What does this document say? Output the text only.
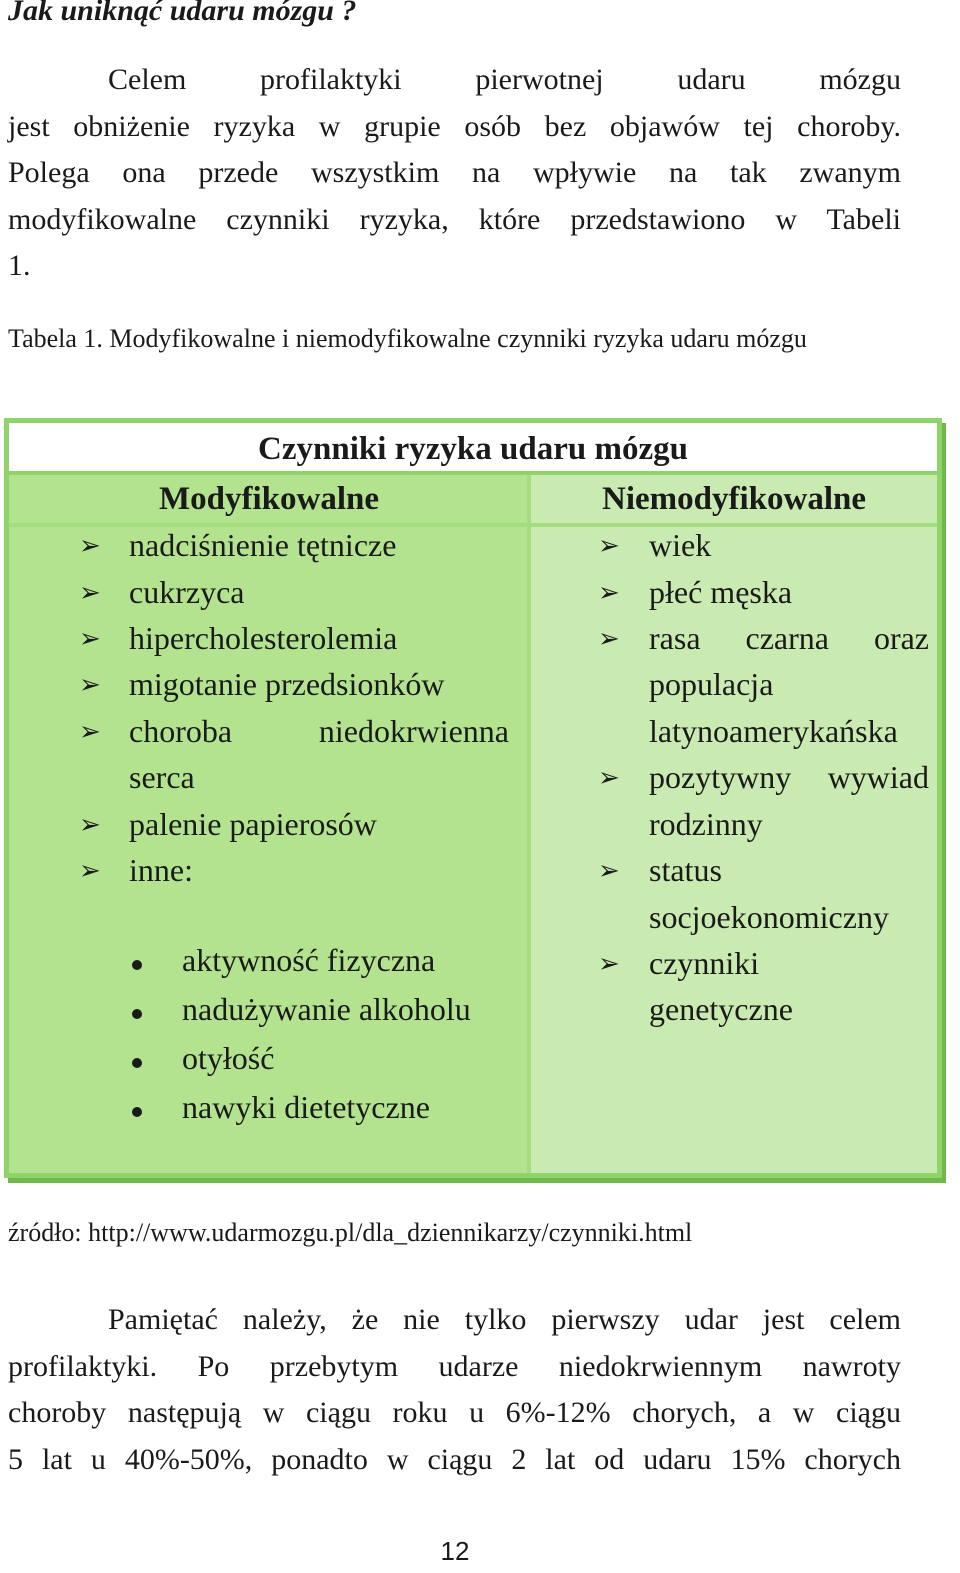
Jak uniknąć udaru mózgu ?
Celem profilaktyki pierwotnej udaru mózgu
jest obniżenie ryzyka w grupie osób bez objawów tej choroby.
Polega ona przede wszystkim na wpływie na tak zwanym
modyfikowalne czynniki ryzyka, które przedstawiono w Tabeli
1.
Tabela 1. Modyfikowalne i niemodyfikowalne czynniki ryzyka udaru mózgu
Czynniki ryzyka udaru mózgu
Modyfikowalne	Niemodyfikowalne
➢ nadciśnienie tętnicze
➢ cukrzyca
➢ hipercholesterolemia
➢ migotanie przedsionków
➢ choroba niedokrwienna
serca
➢ palenie papierosów
➢ inne:
aktywność fizyczna
nadużywanie alkoholu
otyłość
nawyki dietetyczne
➢ wiek
➢ płeć męska
➢ rasa czarna oraz
populacja
latynoamerykańska
➢ pozytywny wywiad
rodzinny
➢ status
socjoekonomiczny
➢ czynniki
genetyczne
źródło: http://www.udarmozgu.pl/dla_dziennikarzy/czynniki.html
Pamiętać należy, że nie tylko pierwszy udar jest celem
profilaktyki. Po przebytym udarze niedokrwiennym nawroty
choroby następują w ciągu roku u 6%-12% chorych, a w ciągu
5 lat u 40%-50%, ponadto w ciągu 2 lat od udaru 15% chorych
12
